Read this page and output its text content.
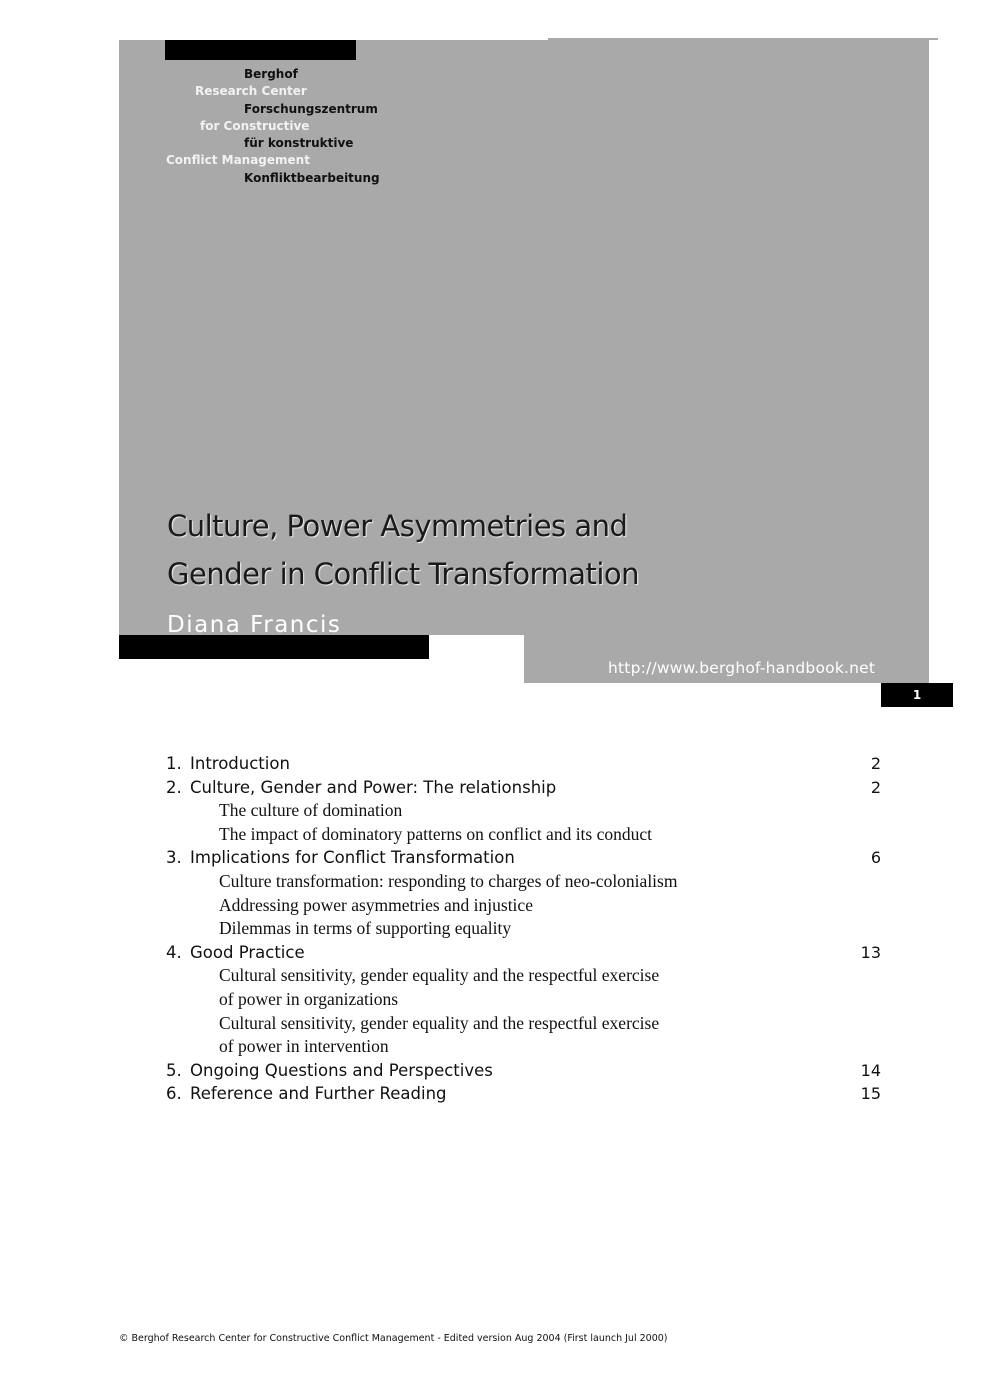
Berghof
Research Center
Forschungszentrum
for Constructive
für konstruktive
Conflict Management
Konfliktbearbeitung
Culture, Power Asymmetries and
Gender in Conflict Transformation
Diana Francis
http://www.berghof-handbook.net
1
1. Introduction	2
2. Culture, Gender and Power: The relationship	2
The culture of domination
The impact of dominatory patterns on conflict and its conduct
3. Implications for Conflict Transformation	6
Culture transformation: responding to charges of neo-colonialism
Addressing power asymmetries and injustice
Dilemmas in terms of supporting equality
4. Good Practice	13
Cultural sensitivity, gender equality and the respectful exercise
of power in organizations
Cultural sensitivity, gender equality and the respectful exercise
of power in intervention
5. Ongoing Questions and Perspectives	14
6. Reference and Further Reading	15
© Berghof Research Center for Constructive Conflict Management - Edited version Aug 2004 (First launch Jul 2000)
